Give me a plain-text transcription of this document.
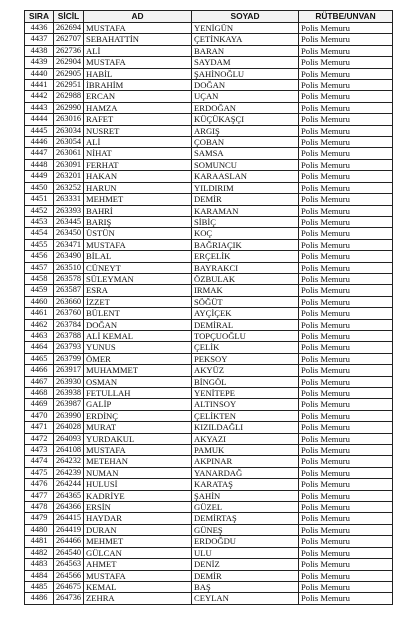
SIRA	SİCİL	AD	SOYAD	RÜTBE/UNVAN
4436	262694	MUSTAFA	YENİGÜN	Polis Memuru
4437	262707	SEBAHATTİN	ÇETİNKAYA	Polis Memuru
4438	262736	ALİ	BARAN	Polis Memuru
4439	262904	MUSTAFA	SAYDAM	Polis Memuru
4440	262905	HABİL	ŞAHİNOĞLU	Polis Memuru
4441	262951	İBRAHİM	DOĞAN	Polis Memuru
4442	262988	ERCAN	UÇAN	Polis Memuru
4443	262990	HAMZA	ERDOĞAN	Polis Memuru
4444	263016	RAFET	KÜÇÜKAŞÇI	Polis Memuru
4445	263034	NUSRET	ARGIŞ	Polis Memuru
4446	263054	ALİ	ÇOBAN	Polis Memuru
4447	263061	NİHAT	SAMSA	Polis Memuru
4448	263091	FERHAT	SOMUNCU	Polis Memuru
4449	263201	HAKAN	KARAASLAN	Polis Memuru
4450	263252	HARUN	YILDIRIM	Polis Memuru
4451	263331	MEHMET	DEMİR	Polis Memuru
4452	263393	BAHRİ	KARAMAN	Polis Memuru
4453	263445	BARIŞ	SİBİÇ	Polis Memuru
4454	263450	ÜSTÜN	KOÇ	Polis Memuru
4455	263471	MUSTAFA	BAĞRIAÇIK	Polis Memuru
4456	263490	BİLAL	ERÇELİK	Polis Memuru
4457	263510	CÜNEYT	BAYRAKCI	Polis Memuru
4458	263578	SÜLEYMAN	ÖZBULAK	Polis Memuru
4459	263587	ESRA	IRMAK	Polis Memuru
4460	263660	İZZET	SÖĞÜT	Polis Memuru
4461	263760	BÜLENT	AYÇİÇEK	Polis Memuru
4462	263784	DOĞAN	DEMİRAL	Polis Memuru
4463	263788	ALİ KEMAL	TOPÇUOĞLU	Polis Memuru
4464	263793	YUNUS	ÇELİK	Polis Memuru
4465	263799	ÖMER	PEKSOY	Polis Memuru
4466	263917	MUHAMMET	AKYÜZ	Polis Memuru
4467	263930	OSMAN	BİNGÖL	Polis Memuru
4468	263938	FETULLAH	YENİTEPE	Polis Memuru
4469	263987	GALİP	ALTINSOY	Polis Memuru
4470	263990	ERDİNÇ	ÇELİKTEN	Polis Memuru
4471	264028	MURAT	KIZILDAĞLI	Polis Memuru
4472	264093	YURDAKUL	AKYAZI	Polis Memuru
4473	264108	MUSTAFA	PAMUK	Polis Memuru
4474	264232	METEHAN	AKPINAR	Polis Memuru
4475	264239	NUMAN	YANARDAĞ	Polis Memuru
4476	264244	HULUSİ	KARATAŞ	Polis Memuru
4477	264365	KADRİYE	ŞAHİN	Polis Memuru
4478	264366	ERSİN	GÜZEL	Polis Memuru
4479	264415	HAYDAR	DEMİRTAŞ	Polis Memuru
4480	264419	DURAN	GÜNEŞ	Polis Memuru
4481	264466	MEHMET	ERDOĞDU	Polis Memuru
4482	264540	GÜLCAN	ULU	Polis Memuru
4483	264563	AHMET	DENİZ	Polis Memuru
4484	264566	MUSTAFA	DEMİR	Polis Memuru
4485	264675	KEMAL	BAŞ	Polis Memuru
4486	264736	ZEHRA	CEYLAN	Polis Memuru
